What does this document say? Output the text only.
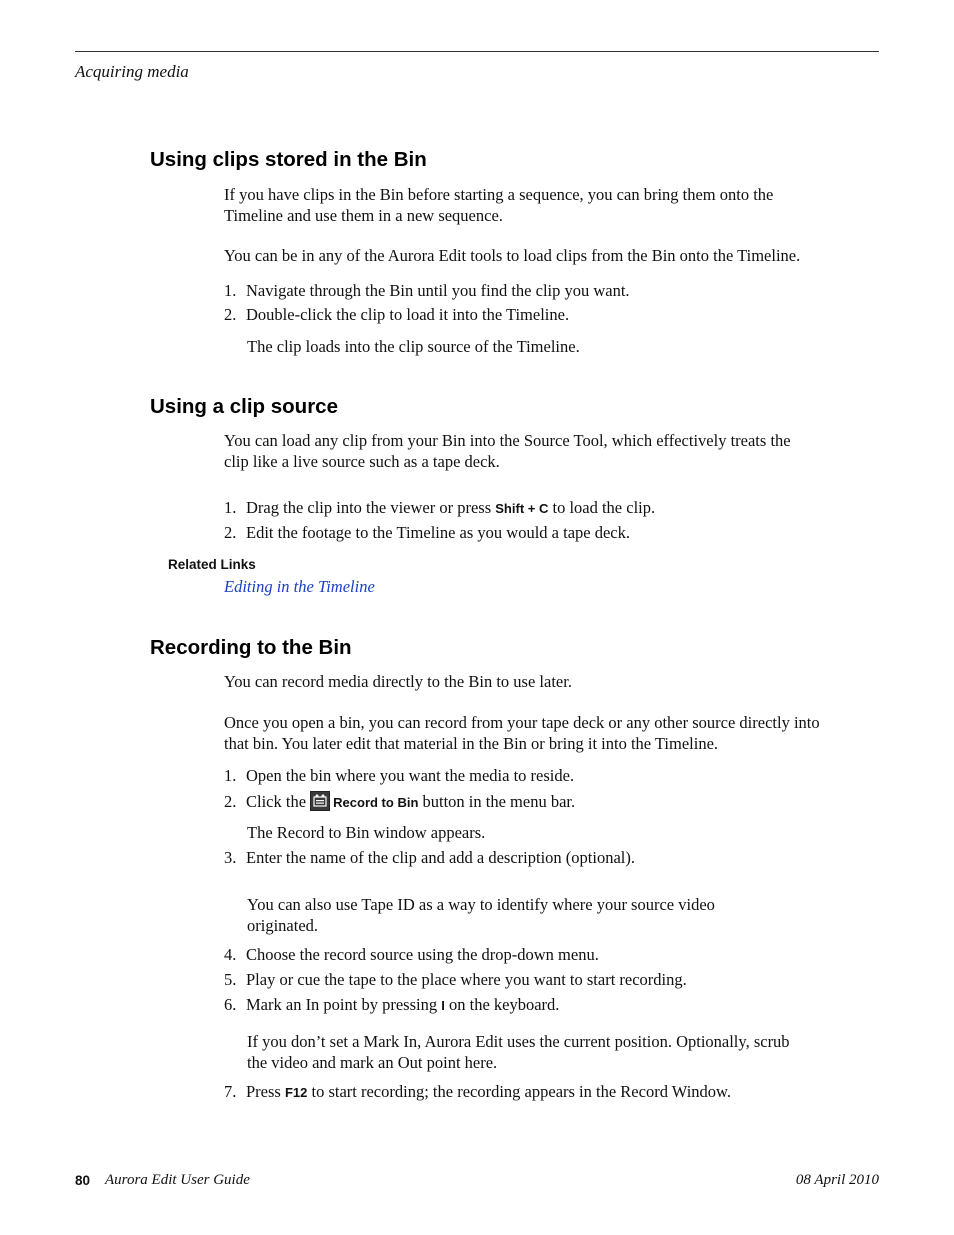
Acquiring media
Using clips stored in the Bin

If you have clips in the Bin before starting a sequence, you can bring them onto the Timeline and use them in a new sequence.

You can be in any of the Aurora Edit tools to load clips from the Bin onto the Timeline.

1. Navigate through the Bin until you find the clip you want.
2. Double-click the clip to load it into the Timeline.
The clip loads into the clip source of the Timeline.
Using a clip source

You can load any clip from your Bin into the Source Tool, which effectively treats the clip like a live source such as a tape deck.

1. Drag the clip into the viewer or press Shift + C to load the clip.
2. Edit the footage to the Timeline as you would a tape deck.
Related Links
Editing in the Timeline
Recording to the Bin

You can record media directly to the Bin to use later.

Once you open a bin, you can record from your tape deck or any other source directly into that bin. You later edit that material in the Bin or bring it into the Timeline.

1. Open the bin where you want the media to reside.
2. Click the
Record to Bin button in the menu bar.
The Record to Bin window appears.
3. Enter the name of the clip and add a description (optional).
You can also use Tape ID as a way to identify where your source video originated.
4. Choose the record source using the drop-down menu.
5. Play or cue the tape to the place where you want to start recording.
6. Mark an In point by pressing I on the keyboard.
If you don’t set a Mark In, Aurora Edit uses the current position. Optionally, scrub the video and mark an Out point here.
7. Press F12 to start recording; the recording appears in the Record Window.
80 Aurora Edit User Guide	08 April 2010
